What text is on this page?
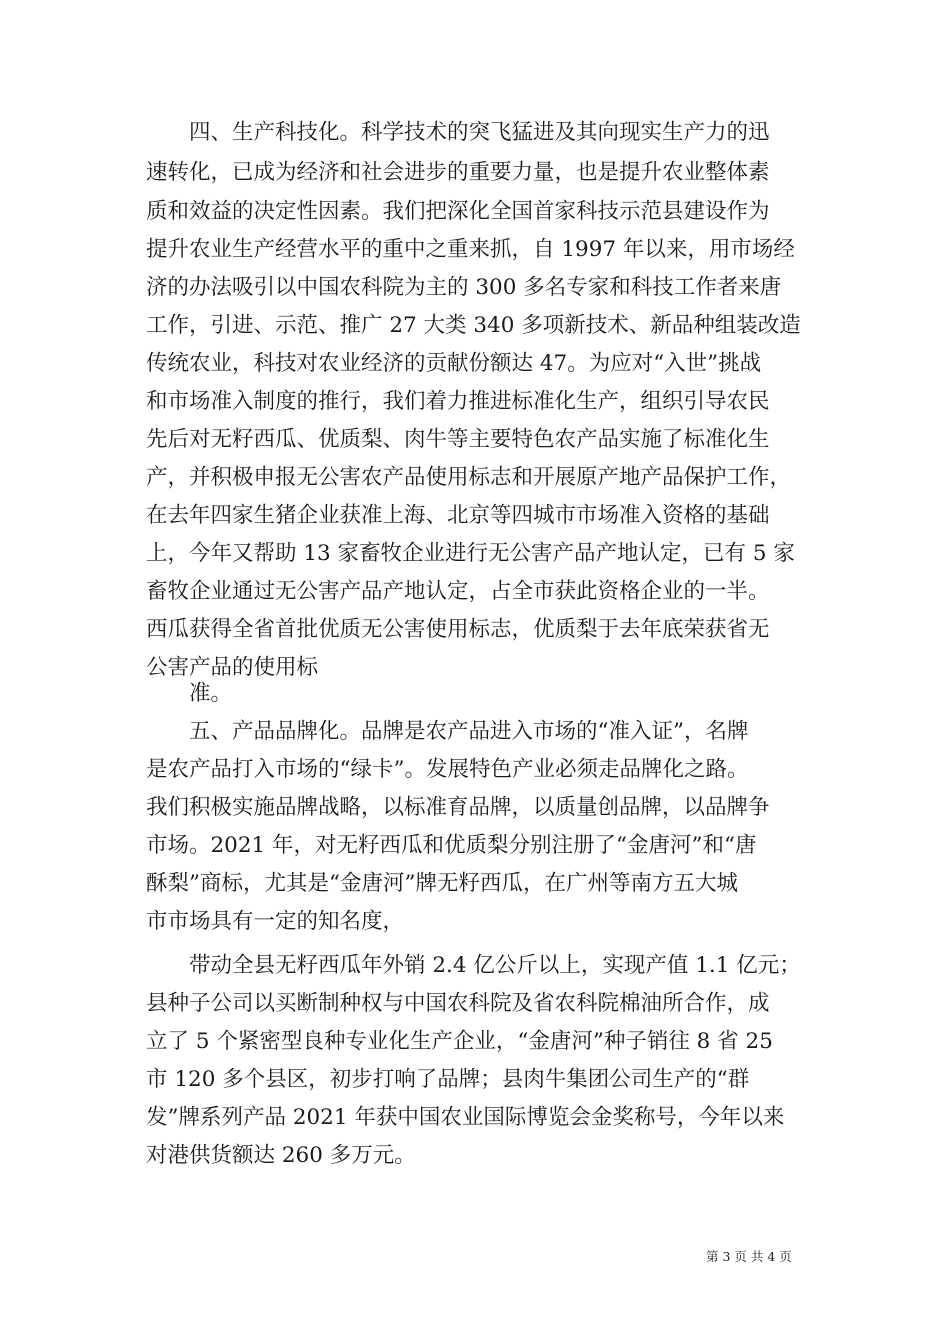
　　四、生产科技化。科学技术的突飞猛进及其向现实生产力的迅
速转化，已成为经济和社会进步的重要力量，也是提升农业整体素
质和效益的决定性因素。我们把深化全国首家科技示范县建设作为
提升农业生产经营水平的重中之重来抓，自 1997 年以来，用市场经
济的办法吸引以中国农科院为主的 300 多名专家和科技工作者来唐
工作，引进、示范、推广 27 大类 340 多项新技术、新品种组装改造
传统农业，科技对农业经济的贡献份额达 47。为应对“入世”挑战
和市场准入制度的推行，我们着力推进标准化生产，组织引导农民
先后对无籽西瓜、优质梨、肉牛等主要特色农产品实施了标准化生
产，并积极申报无公害农产品使用标志和开展原产地产品保护工作，
在去年四家生猪企业获准上海、北京等四城市市场准入资格的基础
上，今年又帮助 13 家畜牧企业进行无公害产品产地认定，已有 5 家
畜牧企业通过无公害产品产地认定，占全市获此资格企业的一半。
西瓜获得全省首批优质无公害使用标志，优质梨于去年底荣获省无
公害产品的使用标
　　准。
　　五、产品品牌化。品牌是农产品进入市场的“准入证”，名牌
是农产品打入市场的“绿卡”。发展特色产业必须走品牌化之路。
我们积极实施品牌战略，以标准育品牌，以质量创品牌，以品牌争
市场。2021 年，对无籽西瓜和优质梨分别注册了“金唐河”和“唐
酥梨”商标，尤其是“金唐河”牌无籽西瓜，在广州等南方五大城
市市场具有一定的知名度，
　　带动全县无籽西瓜年外销 2.4 亿公斤以上，实现产值 1.1 亿元；
县种子公司以买断制种权与中国农科院及省农科院棉油所合作，成
立了 5 个紧密型良种专业化生产企业，“金唐河”种子销往 8 省 25
市 120 多个县区，初步打响了品牌；县肉牛集团公司生产的“群
发”牌系列产品 2021 年获中国农业国际博览会金奖称号，今年以来
对港供货额达 260 多万元。
第 3 页 共 4 页
